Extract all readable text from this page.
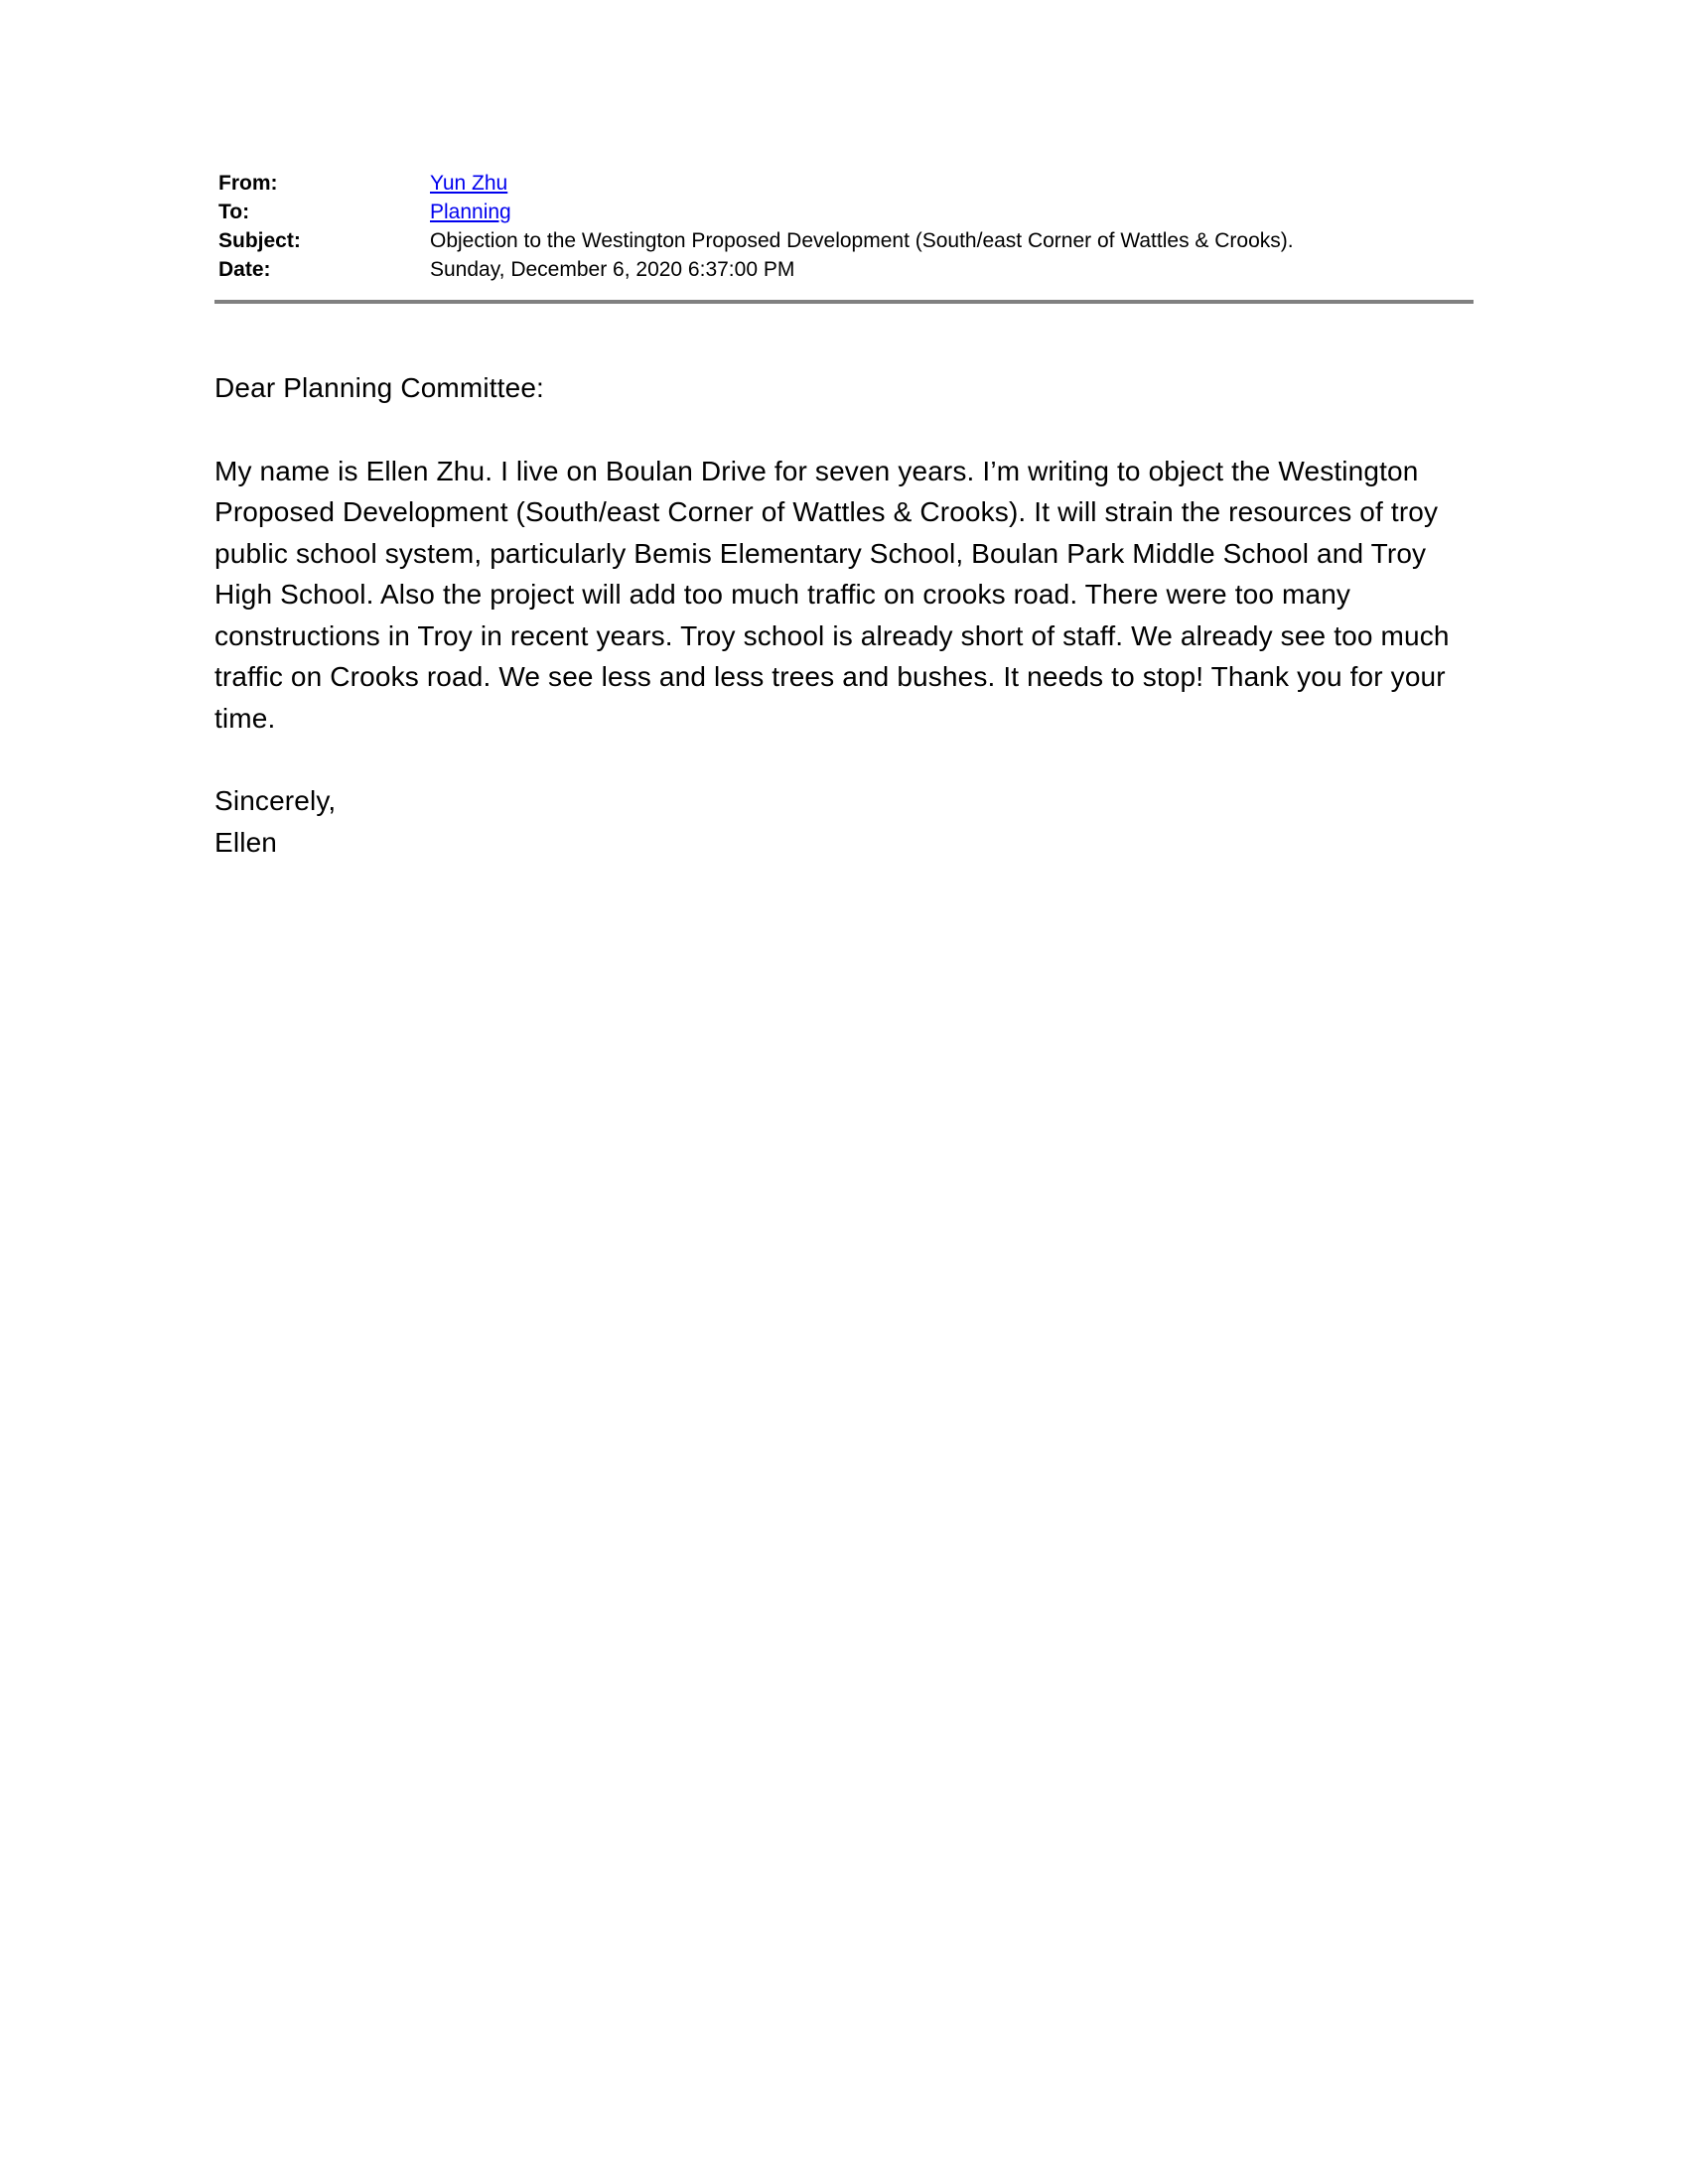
From:	Yun Zhu
To:	Planning
Subject:	Objection to the Westington Proposed Development (South/east Corner of Wattles & Crooks).
Date:	Sunday, December 6, 2020 6:37:00 PM

Dear Planning Committee:

My name is Ellen Zhu. I live on Boulan Drive for seven years. I’m writing to object the Westington Proposed Development (South/east Corner of Wattles & Crooks). It will strain the resources of troy public school system, particularly Bemis Elementary School, Boulan Park Middle School and Troy High School. Also the project will add too much traffic on crooks road. There were too many constructions in Troy in recent years. Troy school is already short of staff. We already see too much traffic on Crooks road. We see less and less trees and bushes. It needs to stop! Thank you for your time.

Sincerely,

Ellen
